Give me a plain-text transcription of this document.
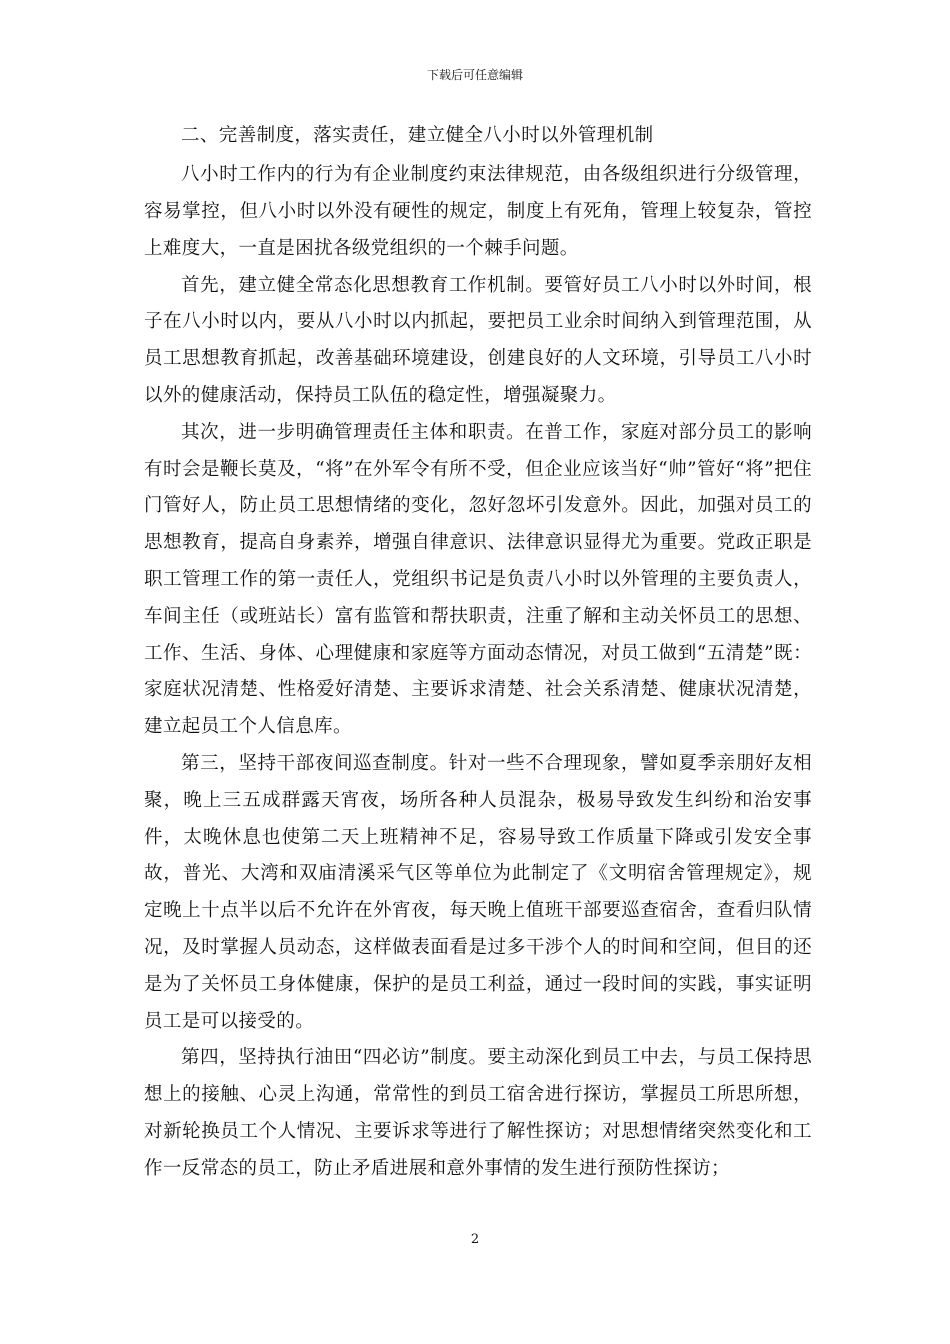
下载后可任意编辑

二、完善制度，落实责任，建立健全八小时以外管理机制

八小时工作内的行为有企业制度约束法律规范，由各级组织进行分级管理，容易掌控，但八小时以外没有硬性的规定，制度上有死角，管理上较复杂，管控上难度大，一直是困扰各级党组织的一个棘手问题。

首先，建立健全常态化思想教育工作机制。要管好员工八小时以外时间，根子在八小时以内，要从八小时以内抓起，要把员工业余时间纳入到管理范围，从员工思想教育抓起，改善基础环境建设，创建良好的人文环境，引导员工八小时以外的健康活动，保持员工队伍的稳定性，增强凝聚力。

其次，进一步明确管理责任主体和职责。在普工作，家庭对部分员工的影响有时会是鞭长莫及，“将”在外军令有所不受，但企业应该当好“帅”管好“将”把住门管好人，防止员工思想情绪的变化，忽好忽坏引发意外。因此，加强对员工的思想教育，提高自身素养，增强自律意识、法律意识显得尤为重要。党政正职是职工管理工作的第一责任人，党组织书记是负责八小时以外管理的主要负责人，车间主任（或班站长）富有监管和帮扶职责，注重了解和主动关怀员工的思想、工作、生活、身体、心理健康和家庭等方面动态情况，对员工做到“五清楚”既：家庭状况清楚、性格爱好清楚、主要诉求清楚、社会关系清楚、健康状况清楚，建立起员工个人信息库。

第三，坚持干部夜间巡查制度。针对一些不合理现象，譬如夏季亲朋好友相聚，晚上三五成群露天宵夜，场所各种人员混杂，极易导致发生纠纷和治安事件，太晚休息也使第二天上班精神不足，容易导致工作质量下降或引发安全事故，普光、大湾和双庙清溪采气区等单位为此制定了《文明宿舍管理规定》，规定晚上十点半以后不允许在外宵夜，每天晚上值班干部要巡查宿舍，查看归队情况，及时掌握人员动态，这样做表面看是过多干涉个人的时间和空间，但目的还是为了关怀员工身体健康，保护的是员工利益，通过一段时间的实践，事实证明员工是可以接受的。

第四，坚持执行油田“四必访”制度。要主动深化到员工中去，与员工保持思想上的接触、心灵上沟通，常常性的到员工宿舍进行探访，掌握员工所思所想，对新轮换员工个人情况、主要诉求等进行了解性探访；对思想情绪突然变化和工作一反常态的员工，防止矛盾进展和意外事情的发生进行预防性探访；

2
